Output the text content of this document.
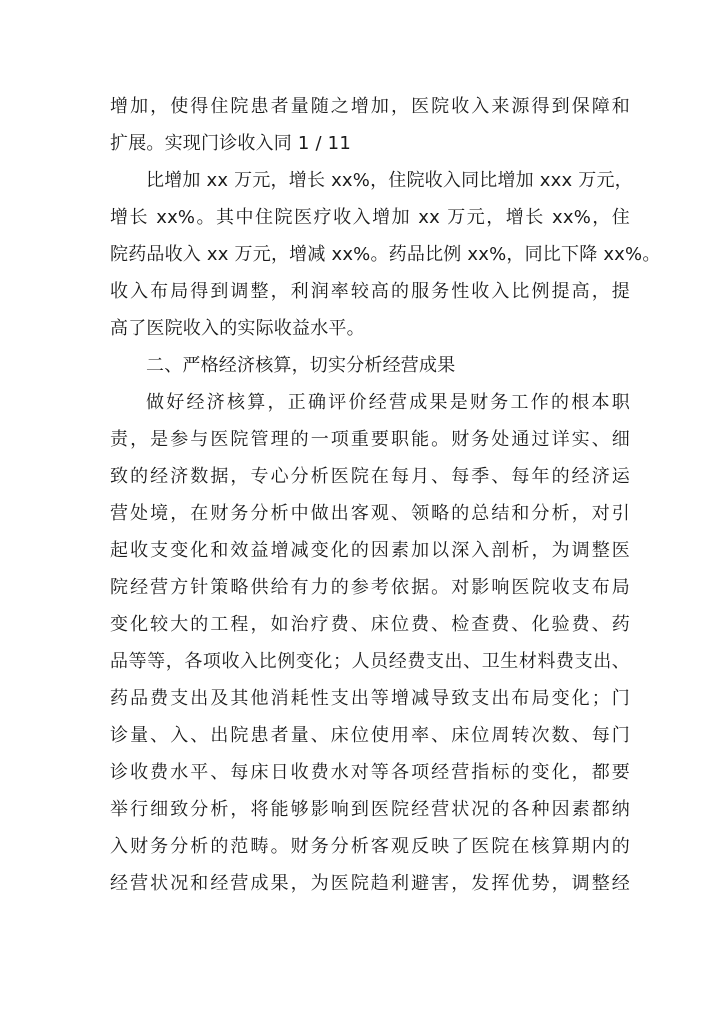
增加，使得住院患者量随之增加，医院收入来源得到保障和
扩展。实现门诊收入同 1 / 11
比增加 xx 万元，增长 xx%，住院收入同比增加 xxx 万元，
增长 xx%。其中住院医疗收入增加 xx 万元，增长 xx%，住
院药品收入 xx 万元，增减 xx%。药品比例 xx%，同比下降 xx%。
收入布局得到调整，利润率较高的服务性收入比例提高，提
高了医院收入的实际收益水平。
二、严格经济核算，切实分析经营成果
做好经济核算，正确评价经营成果是财务工作的根本职
责，是参与医院管理的一项重要职能。财务处通过详实、细
致的经济数据，专心分析医院在每月、每季、每年的经济运
营处境，在财务分析中做出客观、领略的总结和分析，对引
起收支变化和效益增减变化的因素加以深入剖析，为调整医
院经营方针策略供给有力的参考依据。对影响医院收支布局
变化较大的工程，如治疗费、床位费、检查费、化验费、药
品等等，各项收入比例变化；人员经费支出、卫生材料费支出、
药品费支出及其他消耗性支出等增减导致支出布局变化；门
诊量、入、出院患者量、床位使用率、床位周转次数、每门
诊收费水平、每床日收费水对等各项经营指标的变化，都要
举行细致分析，将能够影响到医院经营状况的各种因素都纳
入财务分析的范畴。财务分析客观反映了医院在核算期内的
经营状况和经营成果，为医院趋利避害，发挥优势，调整经
